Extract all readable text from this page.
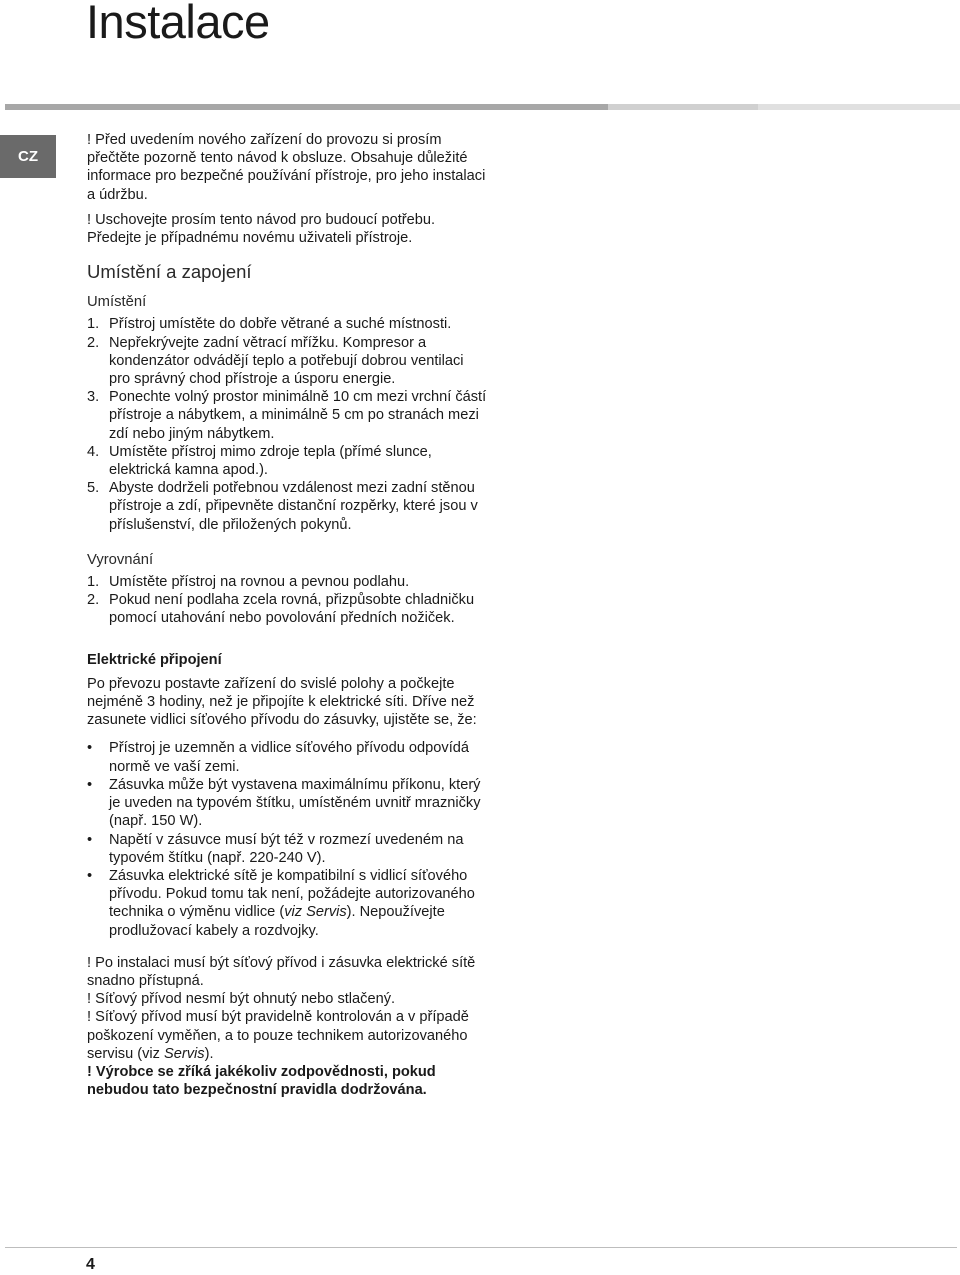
Instalace
CZ

! Před uvedením nového zařízení do provozu si prosím přečtěte pozorně tento návod k obsluze. Obsahuje důležité informace pro bezpečné používání přístroje, pro jeho instalaci a údržbu.

! Uschovejte prosím tento návod pro budoucí potřebu. Předejte je případnému novému uživateli přístroje.

Umístění a zapojení
Umístění
1. Přístroj umístěte do dobře větrané a suché místnosti.
2. Nepřekrývejte zadní větrací mřížku. Kompresor a kondenzátor odvádějí teplo a potřebují dobrou ventilaci pro správný chod přístroje a úsporu energie.
3. Ponechte volný prostor minimálně 10 cm mezi vrchní částí přístroje a nábytkem, a minimálně 5 cm po stranách mezi zdí nebo jiným nábytkem.
4. Umístěte přístroj mimo zdroje tepla (přímé slunce, elektrická kamna apod.).
5. Abyste dodrželi potřebnou vzdálenost mezi zadní stěnou přístroje a zdí, připevněte distanční rozpěrky, které jsou v příslušenství, dle přiložených pokynů.
Vyrovnání
1. Umístěte přístroj na rovnou a pevnou podlahu.
2. Pokud není podlaha zcela rovná, přizpůsobte chladničku pomocí utahování nebo povolování předních nožiček.
Elektrické připojení

Po převozu postavte zařízení do svislé polohy a počkejte nejméně 3 hodiny, než je připojíte k elektrické síti. Dříve než zasunete vidlici síťového přívodu do zásuvky, ujistěte se, že:

• Přístroj je uzemněn a vidlice síťového přívodu odpovídá normě ve vaší zemi.
• Zásuvka může být vystavena maximálnímu příkonu, který je uveden na typovém štítku, umístěném uvnitř mrazničky (např. 150 W).
• Napětí v zásuvce musí být též v rozmezí uvedeném na typovém štítku (např. 220-240 V).
• Zásuvka elektrické sítě je kompatibilní s vidlicí síťového přívodu. Pokud tomu tak není, požádejte autorizovaného technika o výměnu vidlice (viz Servis). Nepoužívejte prodlužovací kabely a rozdvojky.

! Po instalaci musí být síťový přívod i zásuvka elektrické sítě snadno přístupná.

! Síťový přívod nesmí být ohnutý nebo stlačený.

! Síťový přívod musí být pravidelně kontrolován a v případě poškození vyměňen, a to pouze technikem autorizovaného servisu (viz Servis).

! Výrobce se zříká jakékoliv zodpovědnosti, pokud nebudou tato bezpečnostní pravidla dodržována.

4
